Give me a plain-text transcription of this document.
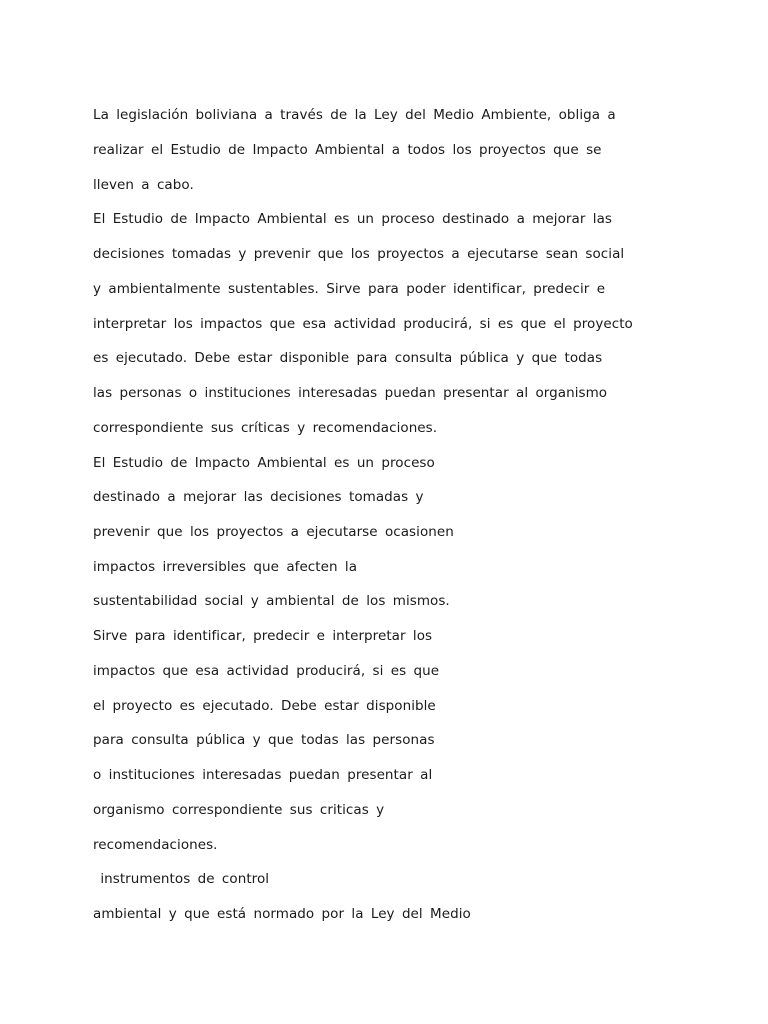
La legislación boliviana a través de la Ley del Medio Ambiente, obliga a

realizar el Estudio de Impacto Ambiental a todos los proyectos que se

lleven a cabo.

El Estudio de Impacto Ambiental es un proceso destinado a mejorar las

decisiones tomadas y prevenir que los proyectos a ejecutarse sean social

y ambientalmente sustentables. Sirve para poder identificar, predecir e

interpretar los impactos que esa actividad producirá, si es que el proyecto

es ejecutado. Debe estar disponible para consulta pública y que todas

las personas o instituciones interesadas puedan presentar al organismo

correspondiente sus críticas y recomendaciones.

El Estudio de Impacto Ambiental es un proceso

destinado a mejorar las decisiones tomadas y

prevenir que los proyectos a ejecutarse ocasionen

impactos irreversibles que afecten la

sustentabilidad social y ambiental de los mismos.

Sirve para identificar, predecir e interpretar los

impactos que esa actividad producirá, si es que

el proyecto es ejecutado. Debe estar disponible

para consulta pública y que todas las personas

o instituciones interesadas puedan presentar al

organismo correspondiente sus criticas y

recomendaciones.

instrumentos de control

ambiental y que está normado por la Ley del Medio
